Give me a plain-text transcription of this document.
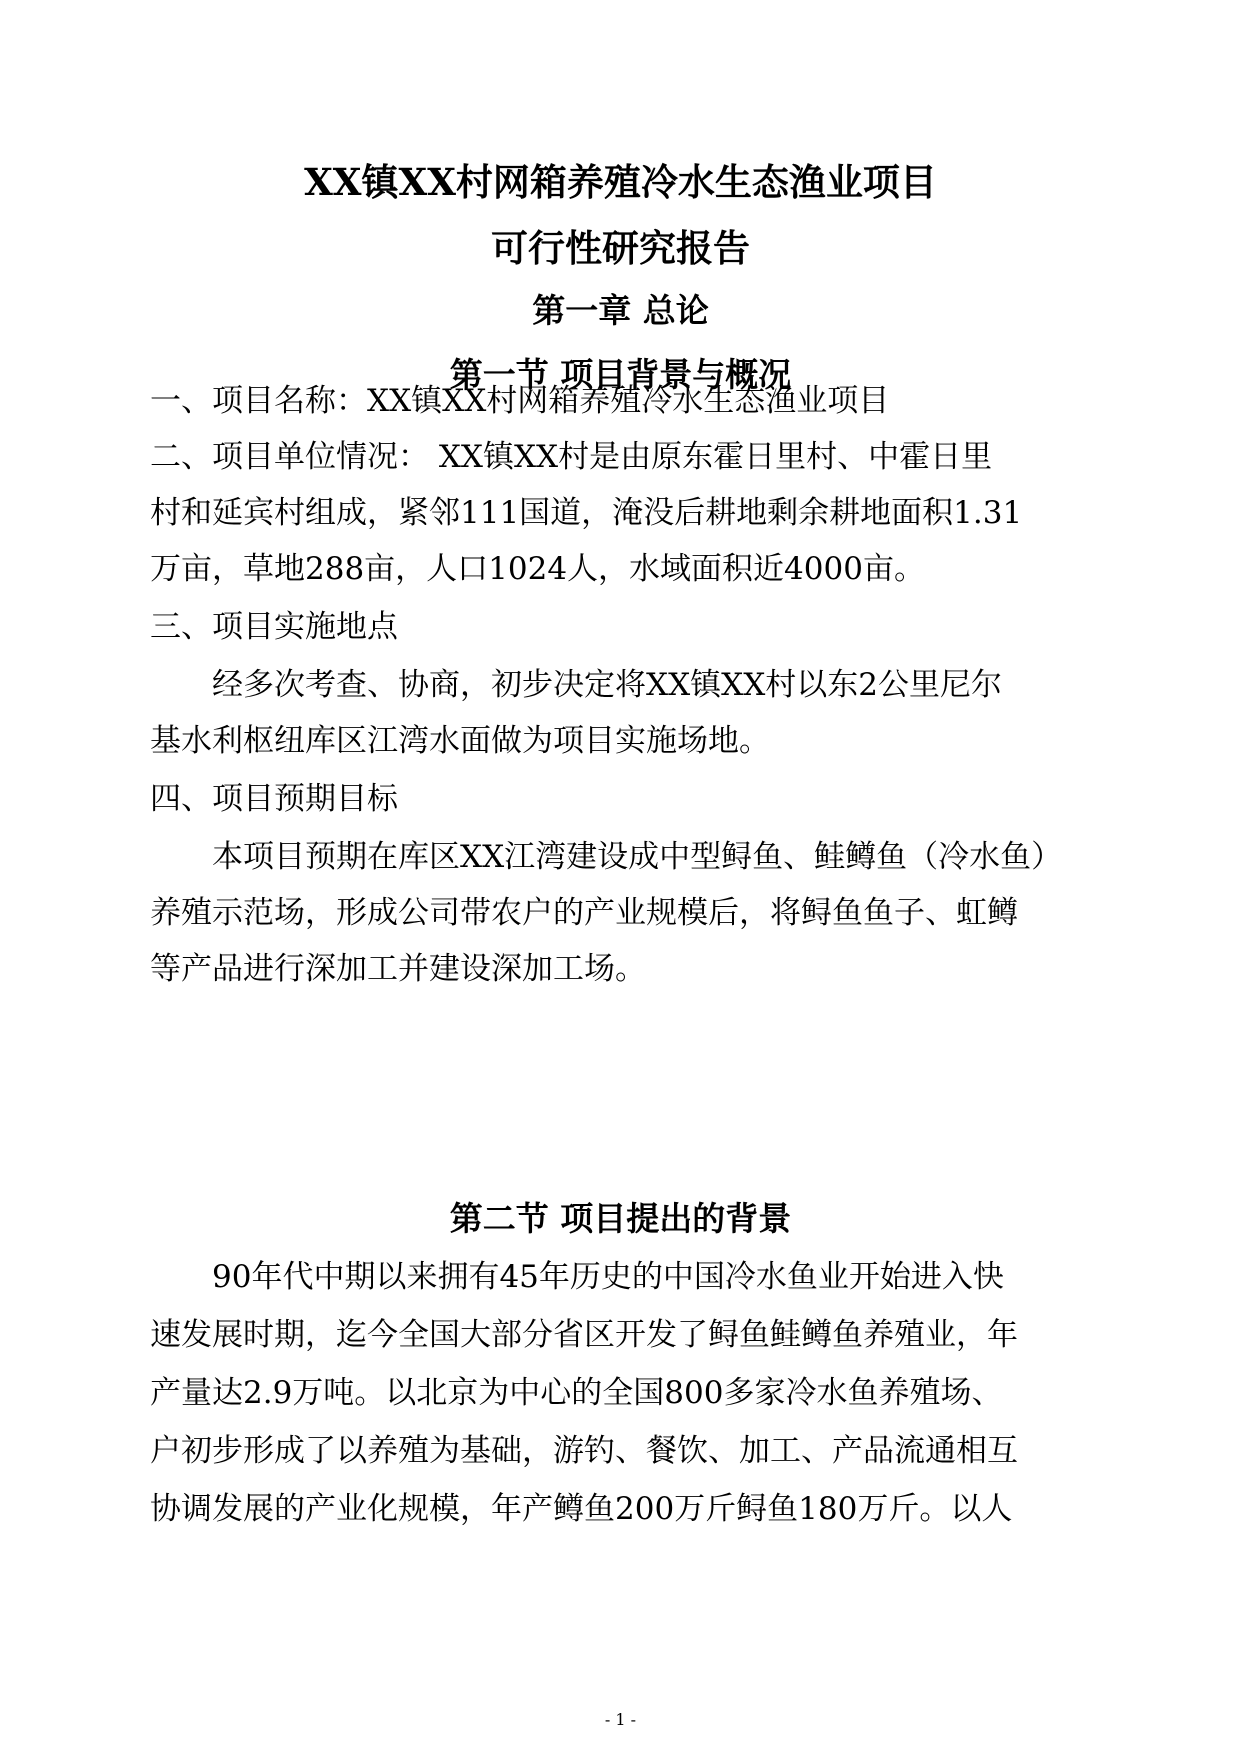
XX镇XX村网箱养殖冷水生态渔业项目
可行性研究报告
第一章 总论
第一节 项目背景与概况
一、项目名称：XX镇XX村网箱养殖冷水生态渔业项目
二、项目单位情况： XX镇XX村是由原东霍日里村、中霍日里
村和延宾村组成，紧邻111国道，淹没后耕地剩余耕地面积1.31
万亩，草地288亩，人口1024人，水域面积近4000亩。
三、项目实施地点
经多次考查、协商，初步决定将XX镇XX村以东2公里尼尔
基水利枢纽库区江湾水面做为项目实施场地。
四、项目预期目标
本项目预期在库区XX江湾建设成中型鲟鱼、鲑鳟鱼（冷水鱼）
养殖示范场，形成公司带农户的产业规模后，将鲟鱼鱼子、虹鳟
等产品进行深加工并建设深加工场。
第二节 项目提出的背景
90年代中期以来拥有45年历史的中国冷水鱼业开始进入快
速发展时期，迄今全国大部分省区开发了鲟鱼鲑鳟鱼养殖业，年
产量达2.9万吨。以北京为中心的全国800多家冷水鱼养殖场、
户初步形成了以养殖为基础，游钓、餐饮、加工、产品流通相互
协调发展的产业化规模，年产鳟鱼200万斤鲟鱼180万斤。以人
- 1 -
